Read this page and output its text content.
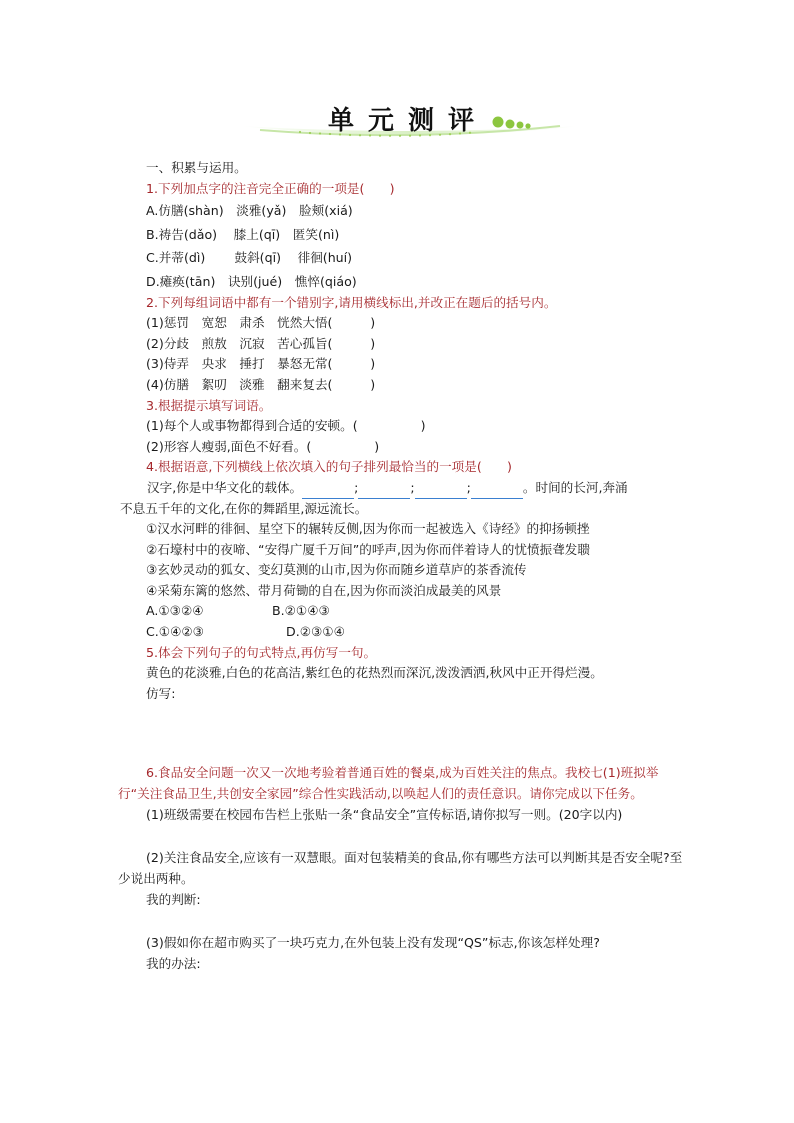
单元测评
一、积累与运用。
1.下列加点字的注音完全正确的一项是(　　)
A.仿膳(shàn)　淡雅(yǎ)　脸颊(xiá)
B.祷告(dǎo)　 膝上(qī)　匿笑(nì)
C.并蒂(dì)　　 鼓斜(qī)　 徘徊(huí)
D.瘫痪(tān)　诀别(jué)　憔悴(qiáo)
2.下列每组词语中都有一个错别字,请用横线标出,并改正在题后的括号内。
(1)惩罚　宽恕　肃杀　恍然大悟(　　　)
(2)分歧　煎敖　沉寂　苦心孤旨(　　　)
(3)侍弄　央求　捶打　暴怒无常(　　　)
(4)仿膳　絮叨　淡雅　翻来复去(　　　)
3.根据提示填写词语。
(1)每个人或事物都得到合适的安顿。(　　　　　)
(2)形容人瘦弱,面色不好看。(　　　　　)
4.根据语意,下列横线上依次填入的句子排列最恰当的一项是(　　)
汉字,你是中华文化的载体。	;	;	;	。时间的长河,奔涌
不息五千年的文化,在你的舞蹈里,源远流长。
①汉水河畔的徘徊、星空下的辗转反侧,因为你而一起被选入《诗经》的抑扬顿挫
②石壕村中的夜啼、“安得广厦千万间”的呼声,因为你而伴着诗人的忧愤振聋发聩
③玄妙灵动的狐女、变幻莫测的山市,因为你而随乡道草庐的茶香流传
④采菊东篱的悠然、带月荷锄的自在,因为你而淡泊成最美的风景
A.①③②④	B.②①④③
C.①④②③	D.②③①④
5.体会下列句子的句式特点,再仿写一句。
黄色的花淡雅,白色的花高洁,紫红色的花热烈而深沉,泼泼洒洒,秋风中正开得烂漫。
仿写:
6.食品安全问题一次又一次地考验着普通百姓的餐桌,成为百姓关注的焦点。我校七(1)班拟举行“关注食品卫生,共创安全家园”综合性实践活动,以唤起人们的责任意识。请你完成以下任务。
(1)班级需要在校园布告栏上张贴一条“食品安全”宣传标语,请你拟写一则。(20字以内)
(2)关注食品安全,应该有一双慧眼。面对包装精美的食品,你有哪些方法可以判断其是否安全呢?至少说出两种。
我的判断:
(3)假如你在超市购买了一块巧克力,在外包装上没有发现“QS”标志,你该怎样处理?
我的办法:
